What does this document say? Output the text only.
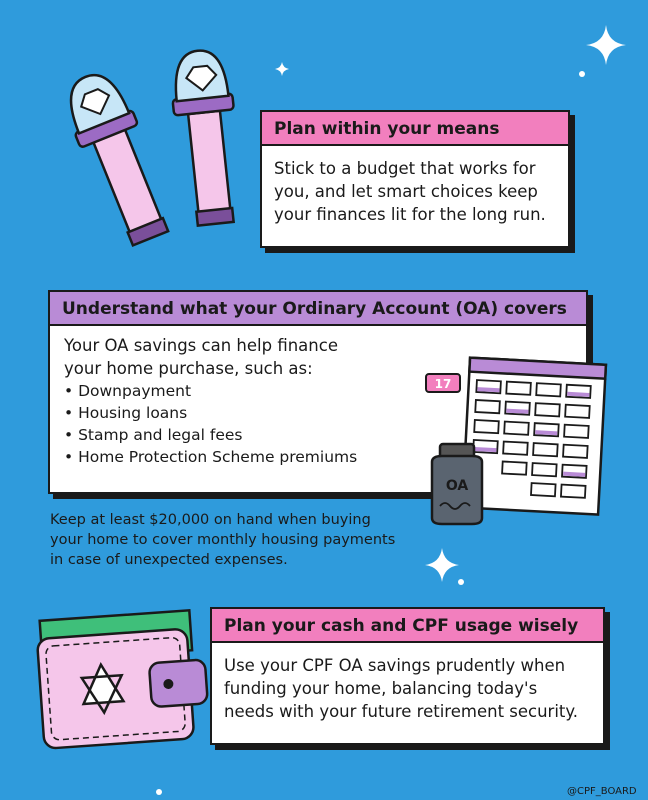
Plan within your means
Stick to a budget that works for you, and let smart choices keep your finances lit for the long run.
Understand what your Ordinary Account (OA) covers
Your OA savings can help finance your home purchase, such as:
• Downpayment
• Housing loans
• Stamp and legal fees
• Home Protection Scheme premiums
17
OA
Keep at least $20,000 on hand when buying your home to cover monthly housing payments in case of unexpected expenses.
Plan your cash and CPF usage wisely
Use your CPF OA savings prudently when funding your home, balancing today's needs with your future retirement security.
@CPF_BOARD
